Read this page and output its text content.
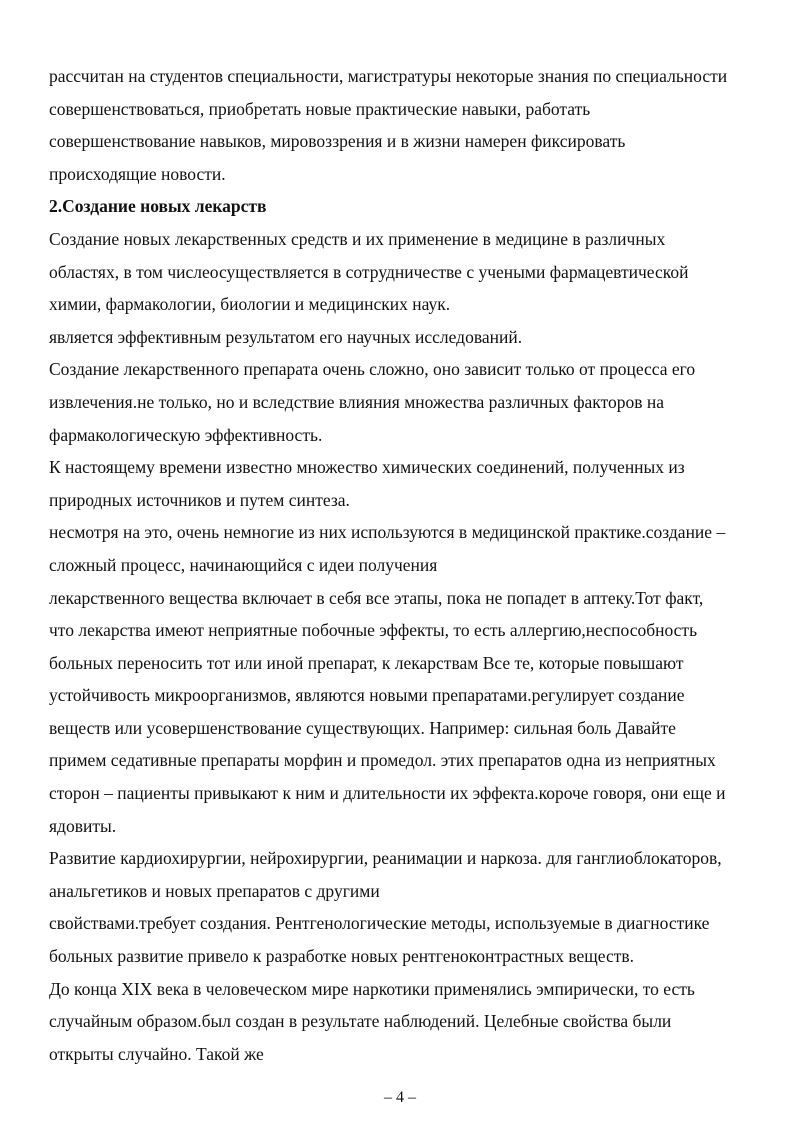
рассчитан на студентов специальности, магистратуры некоторые знания по специальности
совершенствоваться, приобретать новые практические навыки, работать
совершенствование навыков, мировоззрения и в жизни намерен фиксировать
происходящие новости.
2.Создание новых лекарств
Создание новых лекарственных средств и их применение в медицине в различных
областях, в том числеосуществляется в сотрудничестве с учеными фармацевтической
химии, фармакологии, биологии и медицинских наук.
является эффективным результатом его научных исследований.
Создание лекарственного препарата очень сложно, оно зависит только от процесса его
извлечения.не только, но и вследствие влияния множества различных факторов на
фармакологическую эффективность.
К настоящему времени известно множество химических соединений, полученных из
природных источников и путем синтеза.
несмотря на это, очень немногие из них используются в медицинской практике.создание –
сложный процесс, начинающийся с идеи получения
лекарственного вещества включает в себя все этапы, пока не попадет в аптеку.Тот факт,
что лекарства имеют неприятные побочные эффекты, то есть аллергию,неспособность
больных переносить тот или иной препарат, к лекарствам Все те, которые повышают
устойчивость микроорганизмов, являются новыми препаратами.регулирует создание
веществ или усовершенствование существующих. Например: сильная боль Давайте
примем седативные препараты морфин и промедол. этих препаратов одна из неприятных
сторон – пациенты привыкают к ним и длительности их эффекта.короче говоря, они еще и
ядовиты.
Развитие кардиохирургии, нейрохирургии, реанимации и наркоза. для ганглиоблокаторов,
анальгетиков и новых препаратов с другими
свойствами.требует создания. Рентгенологические методы, используемые в диагностике
больных развитие привело к разработке новых рентгеноконтрастных веществ.
До конца XIX века в человеческом мире наркотики применялись эмпирически, то есть
случайным образом.был создан в результате наблюдений. Целебные свойства были
открыты случайно. Такой же
– 4 –
